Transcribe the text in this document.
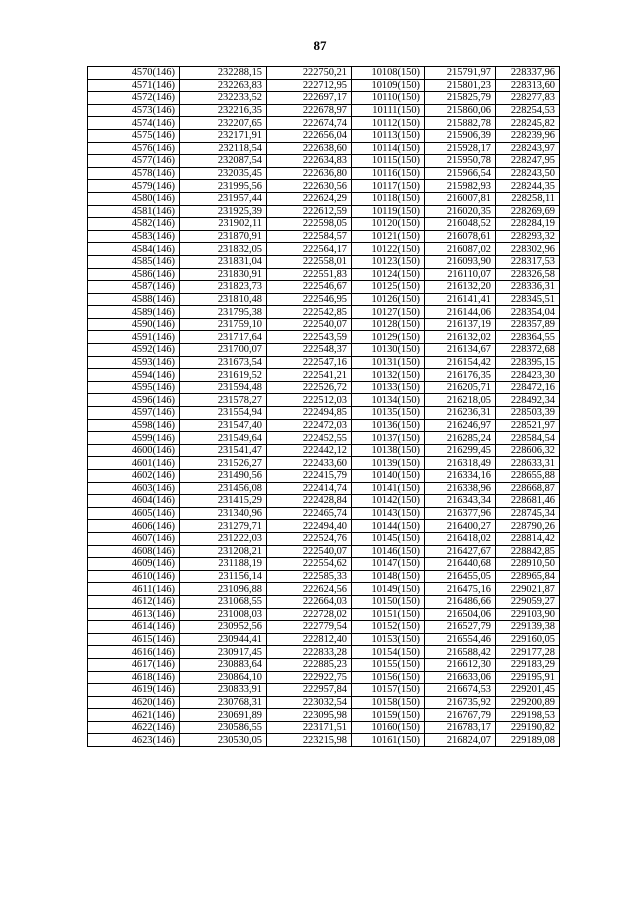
87
4570(146)	232288,15	222750,21	10108(150)	215791,97	228337,96
4571(146)	232263,83	222712,95	10109(150)	215801,23	228313,60
4572(146)	232233,52	222697,17	10110(150)	215825,79	228277,83
4573(146)	232216,35	222678,97	10111(150)	215860,06	228254,53
4574(146)	232207,65	222674,74	10112(150)	215882,78	228245,82
4575(146)	232171,91	222656,04	10113(150)	215906,39	228239,96
4576(146)	232118,54	222638,60	10114(150)	215928,17	228243,97
4577(146)	232087,54	222634,83	10115(150)	215950,78	228247,95
4578(146)	232035,45	222636,80	10116(150)	215966,54	228243,50
4579(146)	231995,56	222630,56	10117(150)	215982,93	228244,35
4580(146)	231957,44	222624,29	10118(150)	216007,81	228258,11
4581(146)	231925,39	222612,59	10119(150)	216020,35	228269,69
4582(146)	231902,11	222598,05	10120(150)	216048,52	228284,19
4583(146)	231870,91	222584,57	10121(150)	216078,61	228293,32
4584(146)	231832,05	222564,17	10122(150)	216087,02	228302,96
4585(146)	231831,04	222558,01	10123(150)	216093,90	228317,53
4586(146)	231830,91	222551,83	10124(150)	216110,07	228326,58
4587(146)	231823,73	222546,67	10125(150)	216132,20	228336,31
4588(146)	231810,48	222546,95	10126(150)	216141,41	228345,51
4589(146)	231795,38	222542,85	10127(150)	216144,06	228354,04
4590(146)	231759,10	222540,07	10128(150)	216137,19	228357,89
4591(146)	231717,64	222543,59	10129(150)	216132,02	228364,55
4592(146)	231700,07	222548,37	10130(150)	216134,67	228372,68
4593(146)	231673,54	222547,16	10131(150)	216154,42	228395,15
4594(146)	231619,52	222541,21	10132(150)	216176,35	228423,30
4595(146)	231594,48	222526,72	10133(150)	216205,71	228472,16
4596(146)	231578,27	222512,03	10134(150)	216218,05	228492,34
4597(146)	231554,94	222494,85	10135(150)	216236,31	228503,39
4598(146)	231547,40	222472,03	10136(150)	216246,97	228521,97
4599(146)	231549,64	222452,55	10137(150)	216285,24	228584,54
4600(146)	231541,47	222442,12	10138(150)	216299,45	228606,32
4601(146)	231526,27	222433,60	10139(150)	216318,49	228633,31
4602(146)	231490,56	222415,79	10140(150)	216334,16	228655,88
4603(146)	231456,08	222414,74	10141(150)	216338,96	228668,87
4604(146)	231415,29	222428,84	10142(150)	216343,34	228681,46
4605(146)	231340,96	222465,74	10143(150)	216377,96	228745,34
4606(146)	231279,71	222494,40	10144(150)	216400,27	228790,26
4607(146)	231222,03	222524,76	10145(150)	216418,02	228814,42
4608(146)	231208,21	222540,07	10146(150)	216427,67	228842,85
4609(146)	231188,19	222554,62	10147(150)	216440,68	228910,50
4610(146)	231156,14	222585,33	10148(150)	216455,05	228965,84
4611(146)	231096,88	222624,56	10149(150)	216475,16	229021,87
4612(146)	231068,55	222664,03	10150(150)	216486,66	229059,27
4613(146)	231008,03	222728,02	10151(150)	216504,06	229103,90
4614(146)	230952,56	222779,54	10152(150)	216527,79	229139,38
4615(146)	230944,41	222812,40	10153(150)	216554,46	229160,05
4616(146)	230917,45	222833,28	10154(150)	216588,42	229177,28
4617(146)	230883,64	222885,23	10155(150)	216612,30	229183,29
4618(146)	230864,10	222922,75	10156(150)	216633,06	229195,91
4619(146)	230833,91	222957,84	10157(150)	216674,53	229201,45
4620(146)	230768,31	223032,54	10158(150)	216735,92	229200,89
4621(146)	230691,89	223095,98	10159(150)	216767,79	229198,53
4622(146)	230586,55	223171,51	10160(150)	216783,17	229190,82
4623(146)	230530,05	223215,98	10161(150)	216824,07	229189,08
